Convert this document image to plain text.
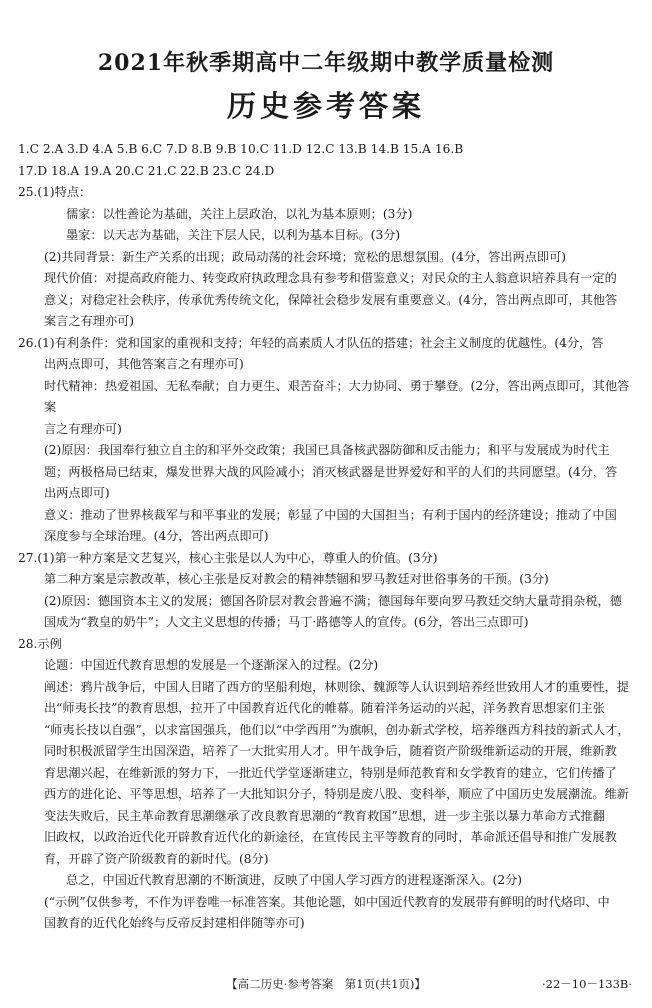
2021年秋季期高中二年级期中教学质量检测
历史参考答案

1.C 2.A 3.D 4.A 5.B 6.C 7.D 8.B 9.B 10.C 11.D 12.C 13.B 14.B 15.A 16.B

17.D 18.A 19.A 20.C 21.C 22.B 23.C 24.D

25.(1)特点：

儒家：以性善论为基础，关注上层政治，以礼为基本原则；(3分)

墨家：以天志为基础，关注下层人民，以利为基本目标。(3分)

(2)共同背景：新生产关系的出现；政局动荡的社会环境；宽松的思想氛围。(4分，答出两点即可)

现代价值：对提高政府能力、转变政府执政理念具有参考和借鉴意义；对民众的主人翁意识培养具有一定的

意义；对稳定社会秩序，传承优秀传统文化，保障社会稳步发展有重要意义。(4分，答出两点即可，其他答

案言之有理亦可)

26.(1)有利条件：党和国家的重视和支持；年轻的高素质人才队伍的搭建；社会主义制度的优越性。(4分，答

出两点即可，其他答案言之有理亦可)

时代精神：热爱祖国、无私奉献；自力更生、艰苦奋斗；大力协同、勇于攀登。(2分，答出两点即可，其他答案

言之有理亦可)

(2)原因：我国奉行独立自主的和平外交政策；我国已具备核武器防御和反击能力；和平与发展成为时代主

题；两极格局已结束，爆发世界大战的风险减小；消灭核武器是世界爱好和平的人们的共同愿望。(4分，答

出两点即可)

意义：推动了世界核裁军与和平事业的发展；彰显了中国的大国担当；有利于国内的经济建设；推动了中国

深度参与全球治理。(4分，答出两点即可)

27.(1)第一种方案是文艺复兴，核心主张是以人为中心，尊重人的价值。(3分)

第二种方案是宗教改革，核心主张是反对教会的精神禁锢和罗马教廷对世俗事务的干预。(3分)

(2)原因：德国资本主义的发展；德国各阶层对教会普遍不满；德国每年要向罗马教廷交纳大量苛捐杂税，德

国成为“教皇的奶牛”；人文主义思想的传播；马丁·路德等人的宣传。(6分，答出三点即可)

28.示例

论题：中国近代教育思想的发展是一个逐渐深入的过程。(2分)

阐述：鸦片战争后，中国人目睹了西方的坚船利炮，林则徐、魏源等人认识到培养经世致用人才的重要性，提

出“师夷长技”的教育思想，拉开了中国教育近代化的帷幕。随着洋务运动的兴起，洋务教育思想家们主张

“师夷长技以自强”，以求富国强兵，他们以“中学西用”为旗帜，创办新式学校，培养继西方科技的新式人才，

同时积极派留学生出国深造，培养了一大批实用人才。甲午战争后，随着资产阶级维新运动的开展，维新教

育思潮兴起，在维新派的努力下，一批近代学堂逐渐建立，特别是师范教育和女学教育的建立，它们传播了

西方的进化论、平等思想，培养了一大批知识分子，特别是废八股、变科举，顺应了中国历史发展潮流。维新

变法失败后，民主革命教育思潮继承了改良教育思潮的“教育救国”思想，进一步主张以暴力革命方式推翻

旧政权，以政治近代化开辟教育近代化的新途径，在宣传民主平等教育的同时，革命派还倡导和推广发展教

育，开辟了资产阶级教育的新时代。(8分)

总之，中国近代教育思潮的不断演进，反映了中国人学习西方的进程逐渐深入。(2分)

(“示例”仅供参考，不作为评卷唯一标准答案。其他论题，如中国近代教育的发展带有鲜明的时代烙印、中

国教育的近代化始终与反帝反封建相伴随等亦可)

【高二历史·参考答案　第1页(共1页)】	·22－10－133B·
